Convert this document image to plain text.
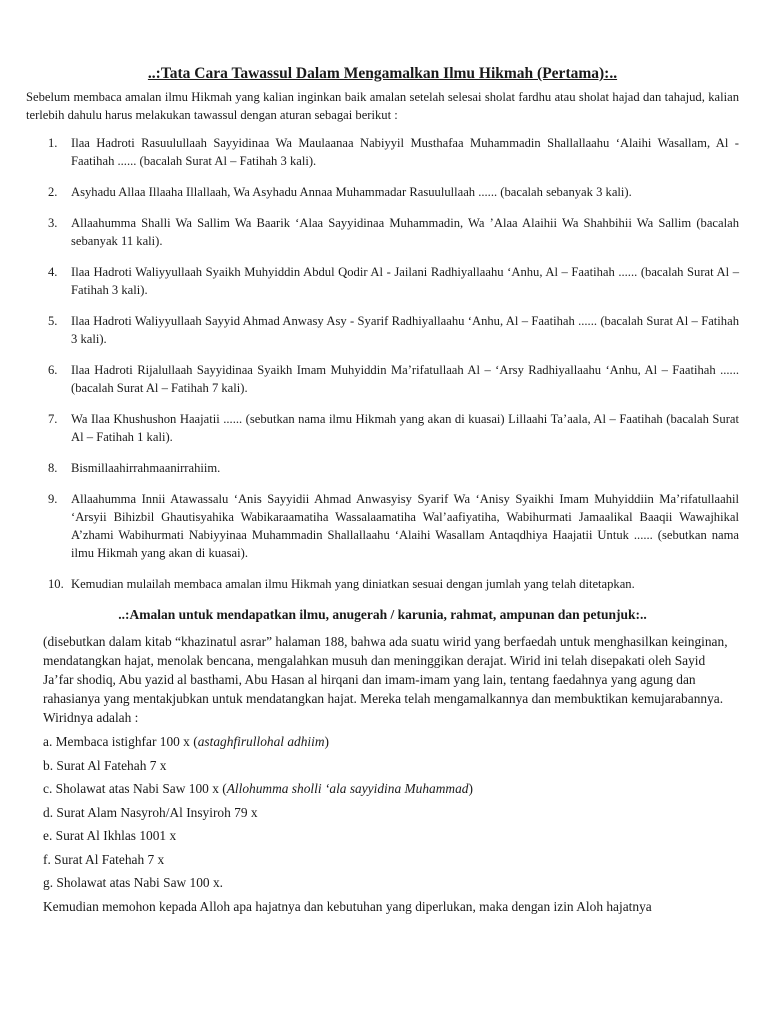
..:Tata Cara Tawassul Dalam Mengamalkan Ilmu Hikmah (Pertama):..

Sebelum membaca amalan ilmu Hikmah yang kalian inginkan baik amalan setelah selesai sholat fardhu atau sholat hajad dan tahajud, kalian terlebih dahulu harus melakukan tawassul dengan aturan sebagai berikut :

1.	Ilaa Hadroti Rasuulullaah Sayyidinaa Wa Maulaanaa Nabiyyil Musthafaa Muhammadin Shallallaahu ‘Alaihi Wasallam, Al - Faatihah ...... (bacalah Surat Al – Fatihah 3 kali).
2.	Asyhadu Allaa Illaaha Illallaah, Wa Asyhadu Annaa Muhammadar Rasuulullaah ...... (bacalah sebanyak 3 kali).
3.	Allaahumma Shalli Wa Sallim Wa Baarik ‘Alaa Sayyidinaa Muhammadin, Wa ’Alaa Alaihii Wa Shahbihii Wa Sallim (bacalah sebanyak 11 kali).
4.	Ilaa Hadroti Waliyyullaah Syaikh Muhyiddin Abdul Qodir Al - Jailani Radhiyallaahu ‘Anhu, Al – Faatihah ...... (bacalah Surat Al – Fatihah 3 kali).
5.	Ilaa Hadroti Waliyyullaah Sayyid Ahmad Anwasy Asy - Syarif Radhiyallaahu ‘Anhu, Al – Faatihah ...... (bacalah Surat Al – Fatihah 3 kali).
6.	Ilaa Hadroti Rijalullaah Sayyidinaa Syaikh Imam Muhyiddin Ma’rifatullaah Al – ‘Arsy Radhiyallaahu ‘Anhu, Al – Faatihah ...... (bacalah Surat Al – Fatihah 7 kali).
7.	Wa Ilaa Khushushon Haajatii ...... (sebutkan nama ilmu Hikmah yang akan di kuasai) Lillaahi Ta’aala, Al – Faatihah (bacalah Surat Al – Fatihah 1 kali).
8.	Bismillaahirrahmaanirrahiim.
9.	Allaahumma Innii Atawassalu ‘Anis Sayyidii Ahmad Anwasyisy Syarif Wa ‘Anisy Syaikhi Imam Muhyiddiin Ma’rifatullaahil ‘Arsyii Bihizbil Ghautisyahika Wabikaraamatiha Wassalaamatiha Wal’aafiyatiha, Wabihurmati Jamaalikal Baaqii Wawajhikal A’zhami Wabihurmati Nabiyyinaa Muhammadin Shallallaahu ‘Alaihi Wasallam Antaqdhiya Haajatii Untuk ...... (sebutkan nama ilmu Hikmah yang akan di kuasai).
10. Kemudian mulailah membaca amalan ilmu Hikmah yang diniatkan sesuai dengan jumlah yang telah ditetapkan.
..:Amalan untuk mendapatkan ilmu, anugerah / karunia, rahmat, ampunan dan petunjuk:..

(disebutkan dalam kitab “khazinatul asrar” halaman 188, bahwa ada suatu wirid yang berfaedah untuk menghasilkan keinginan, mendatangkan hajat, menolak bencana, mengalahkan musuh dan meninggikan derajat. Wirid ini telah disepakati oleh Sayid Ja’far shodiq, Abu yazid al basthami, Abu Hasan al hirqani dan imam-imam yang lain, tentang faedahnya yang agung dan rahasianya yang mentakjubkan untuk mendatangkan hajat. Mereka telah mengamalkannya dan membuktikan kemujarabannya. Wiridnya adalah :

a. Membaca istighfar 100 x (astaghfirullohal adhiim)
b. Surat Al Fatehah 7 x
c. Sholawat atas Nabi Saw 100 x (Allohumma sholli ‘ala sayyidina Muhammad)
d. Surat Alam Nasyroh/Al Insyiroh 79 x
e. Surat Al Ikhlas 1001 x
f. Surat Al Fatehah 7 x
g. Sholawat atas Nabi Saw 100 x.

Kemudian memohon kepada Alloh apa hajatnya dan kebutuhan yang diperlukan, maka dengan izin Aloh hajatnya
